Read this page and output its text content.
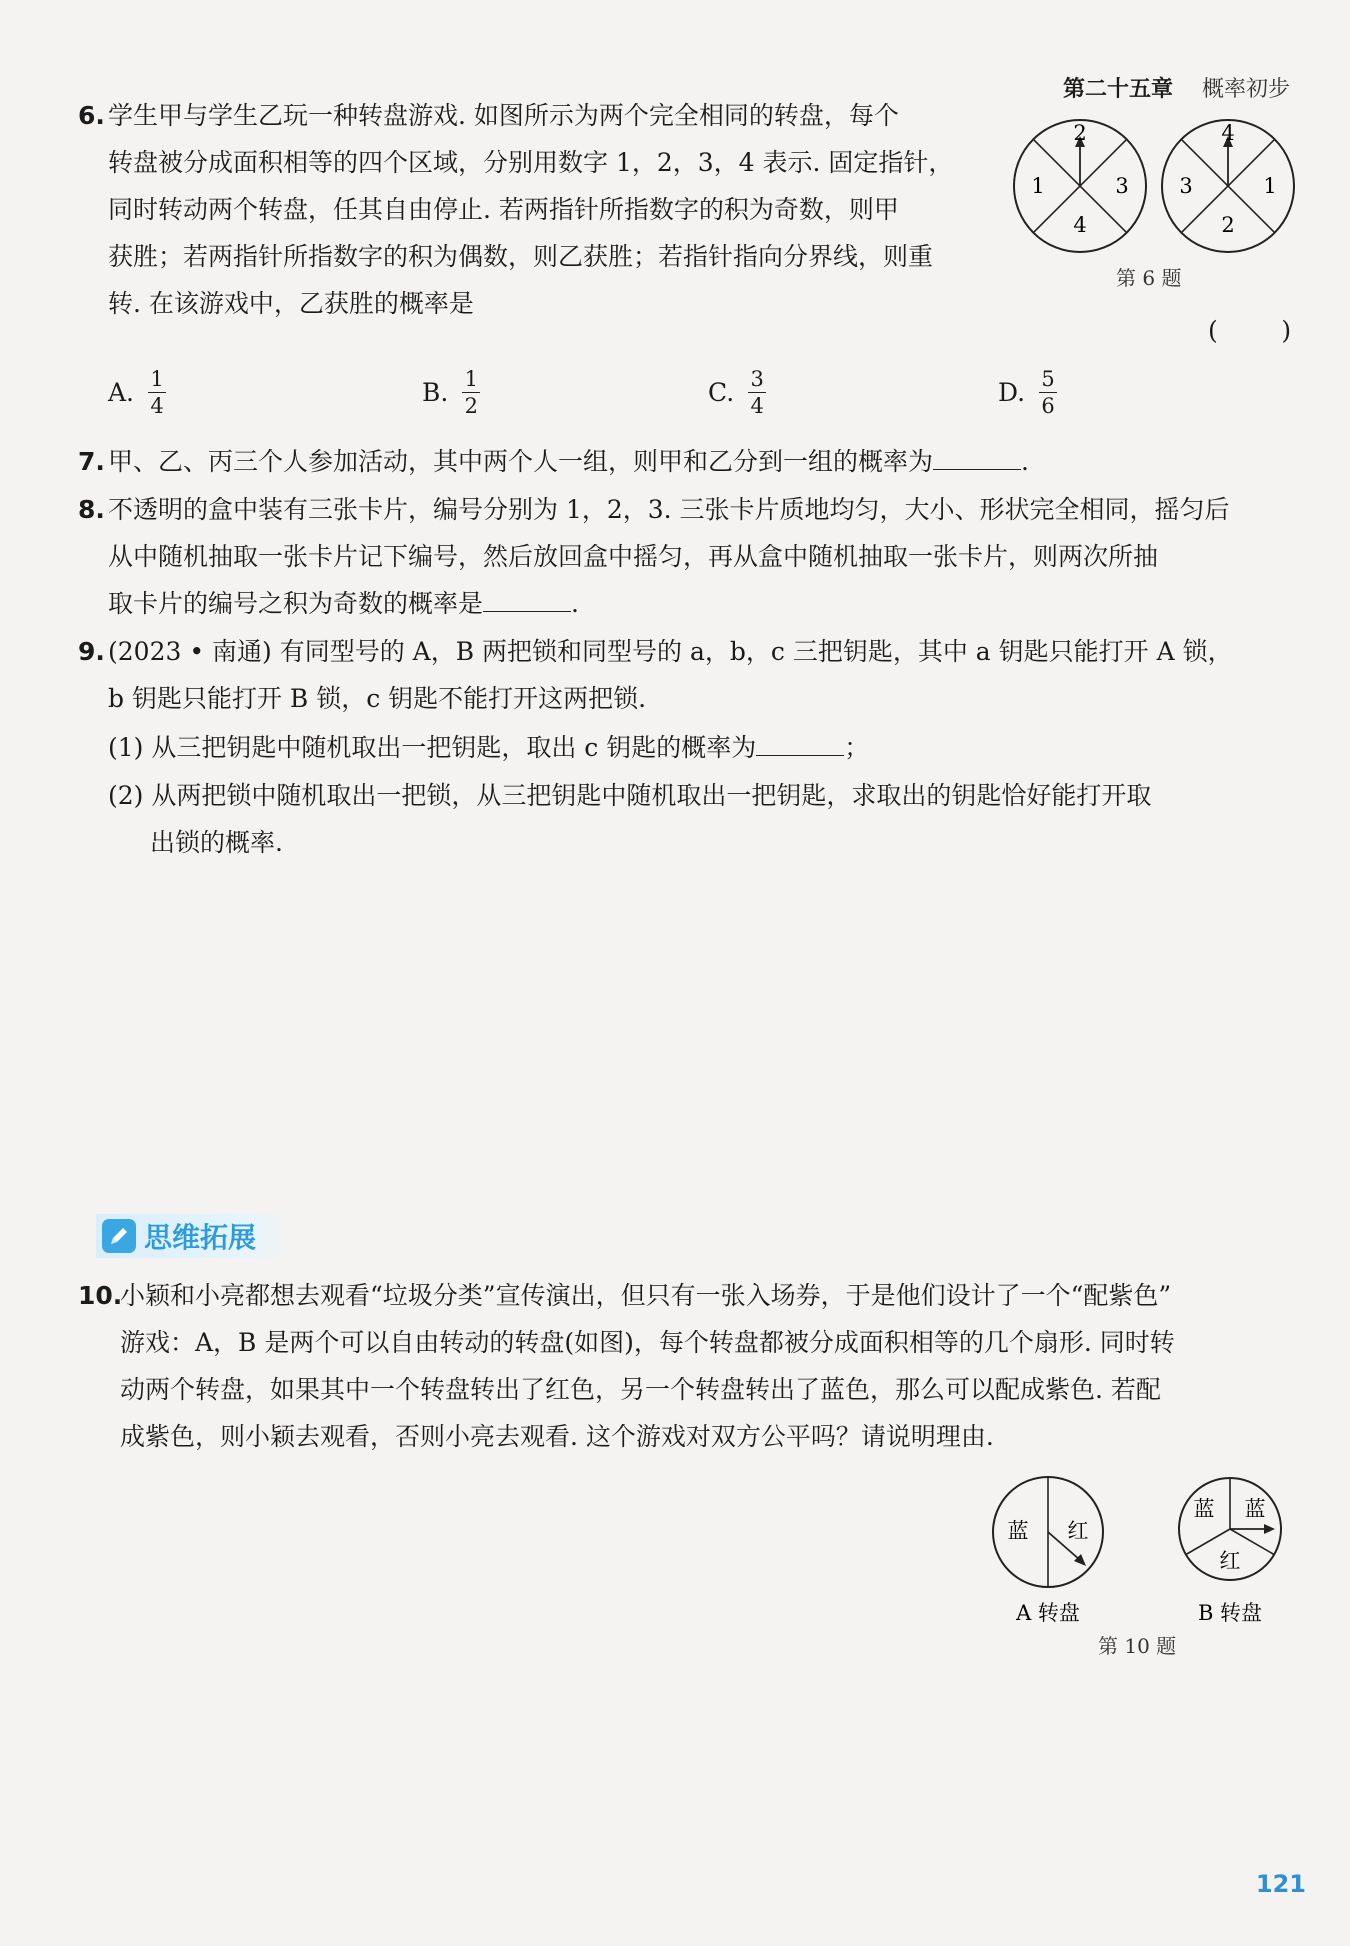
第二十五章 概率初步
6. 学生甲与学生乙玩一种转盘游戏. 如图所示为两个完全相同的转盘，每个
转盘被分成面积相等的四个区域，分别用数字 1，2，3，4 表示. 固定指针，
同时转动两个转盘，任其自由停止. 若两指针所指数字的积为奇数，则甲
获胜；若两指针所指数字的积为偶数，则乙获胜；若指针指向分界线，则重
转. 在该游戏中，乙获胜的概率是
(        )
A. $\frac{1}{4}$	B. $\frac{1}{2}$	C. $\frac{3}{4}$	D. $\frac{5}{6}$
2
1	3
4
4
3	1
2
第 6 题
7. 甲、乙、丙三个人参加活动，其中两个人一组，则甲和乙分到一组的概率为	.
8. 不透明的盒中装有三张卡片，编号分别为 1，2，3. 三张卡片质地均匀，大小、形状完全相同，摇匀后
从中随机抽取一张卡片记下编号，然后放回盒中摇匀，再从盒中随机抽取一张卡片，则两次所抽
取卡片的编号之积为奇数的概率是	.
9. (2023 • 南通) 有同型号的 A，B 两把锁和同型号的 a，b，c 三把钥匙，其中 a 钥匙只能打开 A 锁，
b 钥匙只能打开 B 锁，c 钥匙不能打开这两把锁.
(1) 从三把钥匙中随机取出一把钥匙，取出 c 钥匙的概率为	；
(2) 从两把锁中随机取出一把锁，从三把钥匙中随机取出一把钥匙，求取出的钥匙恰好能打开取
出锁的概率.
思维拓展
10.
小颖和小亮都想去观看“垃圾分类”宣传演出，但只有一张入场券，于是他们设计了一个“配紫色”
游戏：A，B 是两个可以自由转动的转盘(如图)，每个转盘都被分成面积相等的几个扇形. 同时转
动两个转盘，如果其中一个转盘转出了红色，另一个转盘转出了蓝色，那么可以配成紫色. 若配
成紫色，则小颖去观看，否则小亮去观看. 这个游戏对双方公平吗？请说明理由.
蓝 红
A 转盘
蓝 蓝
红
B 转盘
第 10 题
121
